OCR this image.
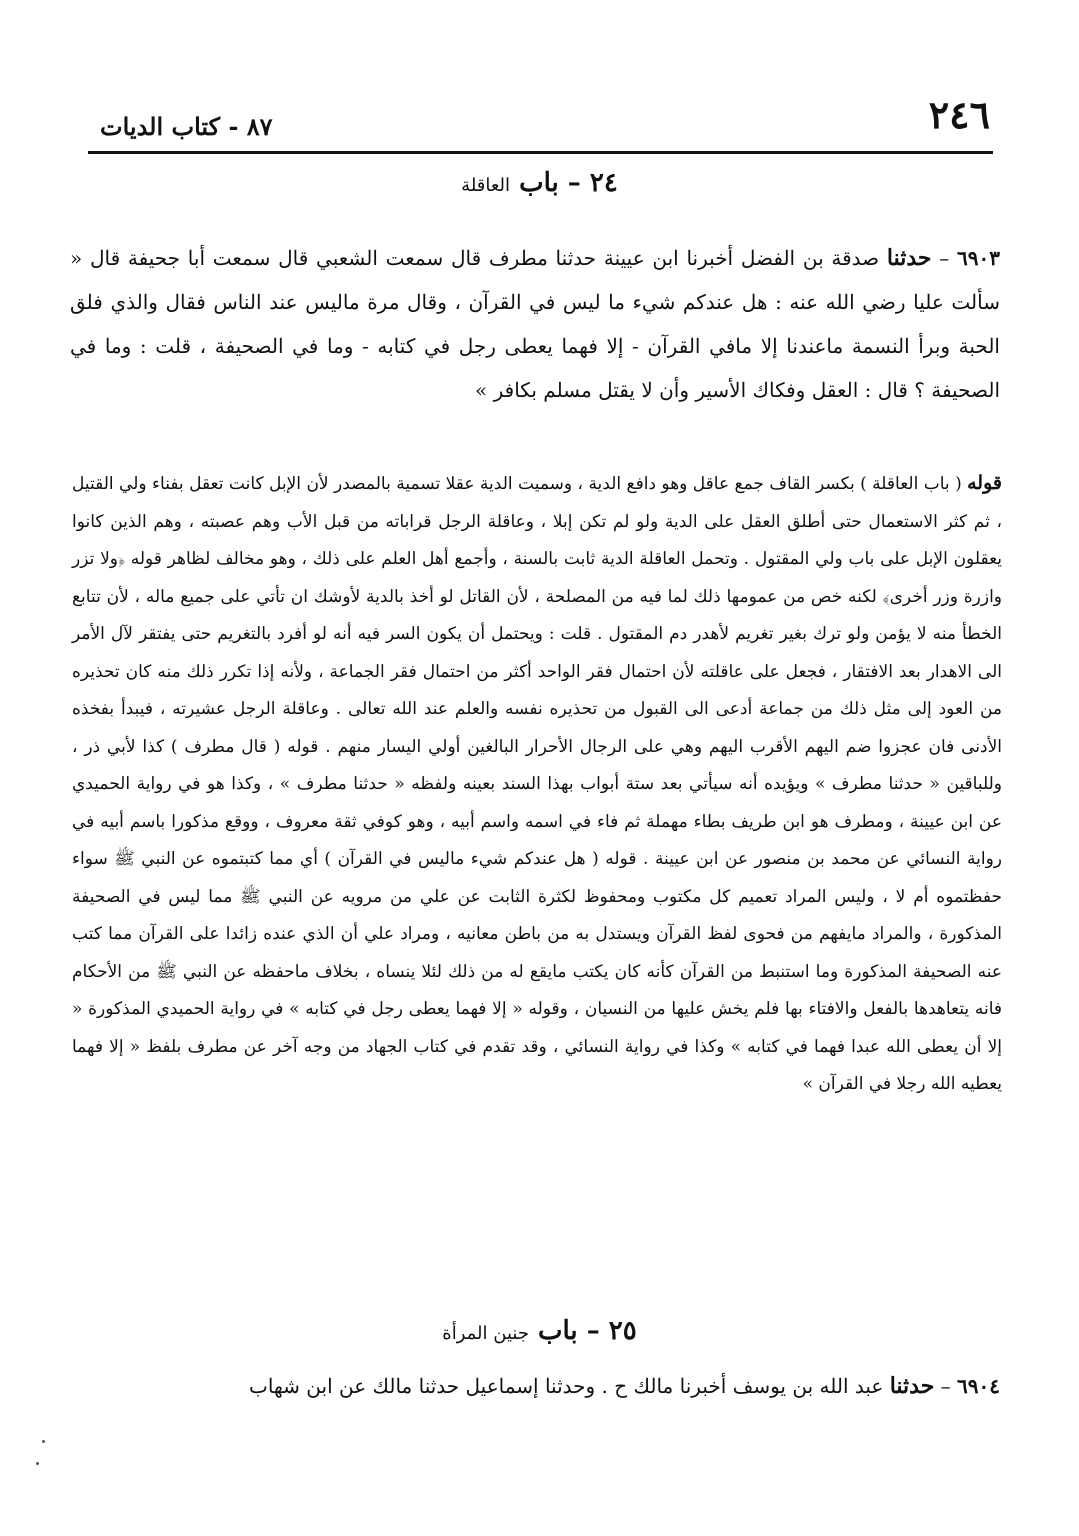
٢٤٦
٨٧ - كتاب الديات
٢٤ – باب العاقلة
٦٩٠٣ – حدثنا صدقة بن الفضل أخبرنا ابن عيينة حدثنا مطرف قال سمعت الشعبي قال سمعت أبا جحيفة قال « سألت عليا رضي الله عنه : هل عندكم شيء ما ليس في القرآن ، وقال مرة ماليس عند الناس فقال والذي فلق الحبة وبرأ النسمة ماعندنا إلا مافي القرآن - إلا فهما يعطى رجل في كتابه - وما في الصحيفة ، قلت : وما في الصحيفة ؟ قال : العقل وفكاك الأسير وأن لا يقتل مسلم بكافر »
قوله ( باب العاقلة ) بكسر القاف جمع عاقل وهو دافع الدية ، وسميت الدية عقلا تسمية بالمصدر لأن الإبل كانت تعقل بفناء ولي القتيل ، ثم كثر الاستعمال حتى أطلق العقل على الدية ولو لم تكن إبلا ، وعاقلة الرجل قراباته من قبل الأب وهم عصبته ، وهم الذين كانوا يعقلون الإبل على باب ولي المقتول . وتحمل العاقلة الدية ثابت بالسنة ، وأجمع أهل العلم على ذلك ، وهو مخالف لظاهر قوله ﴿ولا تزر وازرة وزر أخرى﴾ لكنه خص من عمومها ذلك لما فيه من المصلحة ، لأن القاتل لو أخذ بالدية لأوشك ان تأتي على جميع ماله ، لأن تتابع الخطأ منه لا يؤمن ولو ترك بغير تغريم لأهدر دم المقتول . قلت : ويحتمل أن يكون السر فيه أنه لو أفرد بالتغريم حتى يفتقر لآل الأمر الى الاهدار بعد الافتقار ، فجعل على عاقلته لأن احتمال فقر الواحد أكثر من احتمال فقر الجماعة ، ولأنه إذا تكرر ذلك منه كان تحذيره من العود إلى مثل ذلك من جماعة أدعى الى القبول من تحذيره نفسه والعلم عند الله تعالى . وعاقلة الرجل عشيرته ، فيبدأ بفخذه الأدنى فان عجزوا ضم اليهم الأقرب اليهم وهي على الرجال الأحرار البالغين أولي اليسار منهم . قوله ( قال مطرف ) كذا لأبي ذر ، وللباقين « حدثنا مطرف » ويؤيده أنه سيأتي بعد ستة أبواب بهذا السند بعينه ولفظه « حدثنا مطرف » ، وكذا هو في رواية الحميدي عن ابن عيينة ، ومطرف هو ابن طريف بطاء مهملة ثم فاء في اسمه واسم أبيه ، وهو كوفي ثقة معروف ، ووقع مذكورا باسم أبيه في رواية النسائي عن محمد بن منصور عن ابن عيينة . قوله ( هل عندكم شيء ماليس في القرآن ) أي مما كتبتموه عن النبي ﷺ سواء حفظتموه أم لا ، وليس المراد تعميم كل مكتوب ومحفوظ لكثرة الثابت عن علي من مرويه عن النبي ﷺ مما ليس في الصحيفة المذكورة ، والمراد مايفهم من فحوى لفظ القرآن ويستدل به من باطن معانيه ، ومراد علي أن الذي عنده زائدا على القرآن مما كتب عنه الصحيفة المذكورة وما استنبط من القرآن كأنه كان يكتب مايقع له من ذلك لئلا ينساه ، بخلاف ماحفظه عن النبي ﷺ من الأحكام فانه يتعاهدها بالفعل والافتاء بها فلم يخش عليها من النسيان ، وقوله « إلا فهما يعطى رجل في كتابه » في رواية الحميدي المذكورة « إلا أن يعطى الله عبدا فهما في كتابه » وكذا في رواية النسائي ، وقد تقدم في كتاب الجهاد من وجه آخر عن مطرف بلفظ « إلا فهما يعطيه الله رجلا في القرآن »
٢٥ – باب جنين المرأة
٦٩٠٤ – حدثنا عبد الله بن يوسف أخبرنا مالك ح . وحدثنا إسماعيل حدثنا مالك عن ابن شهاب
